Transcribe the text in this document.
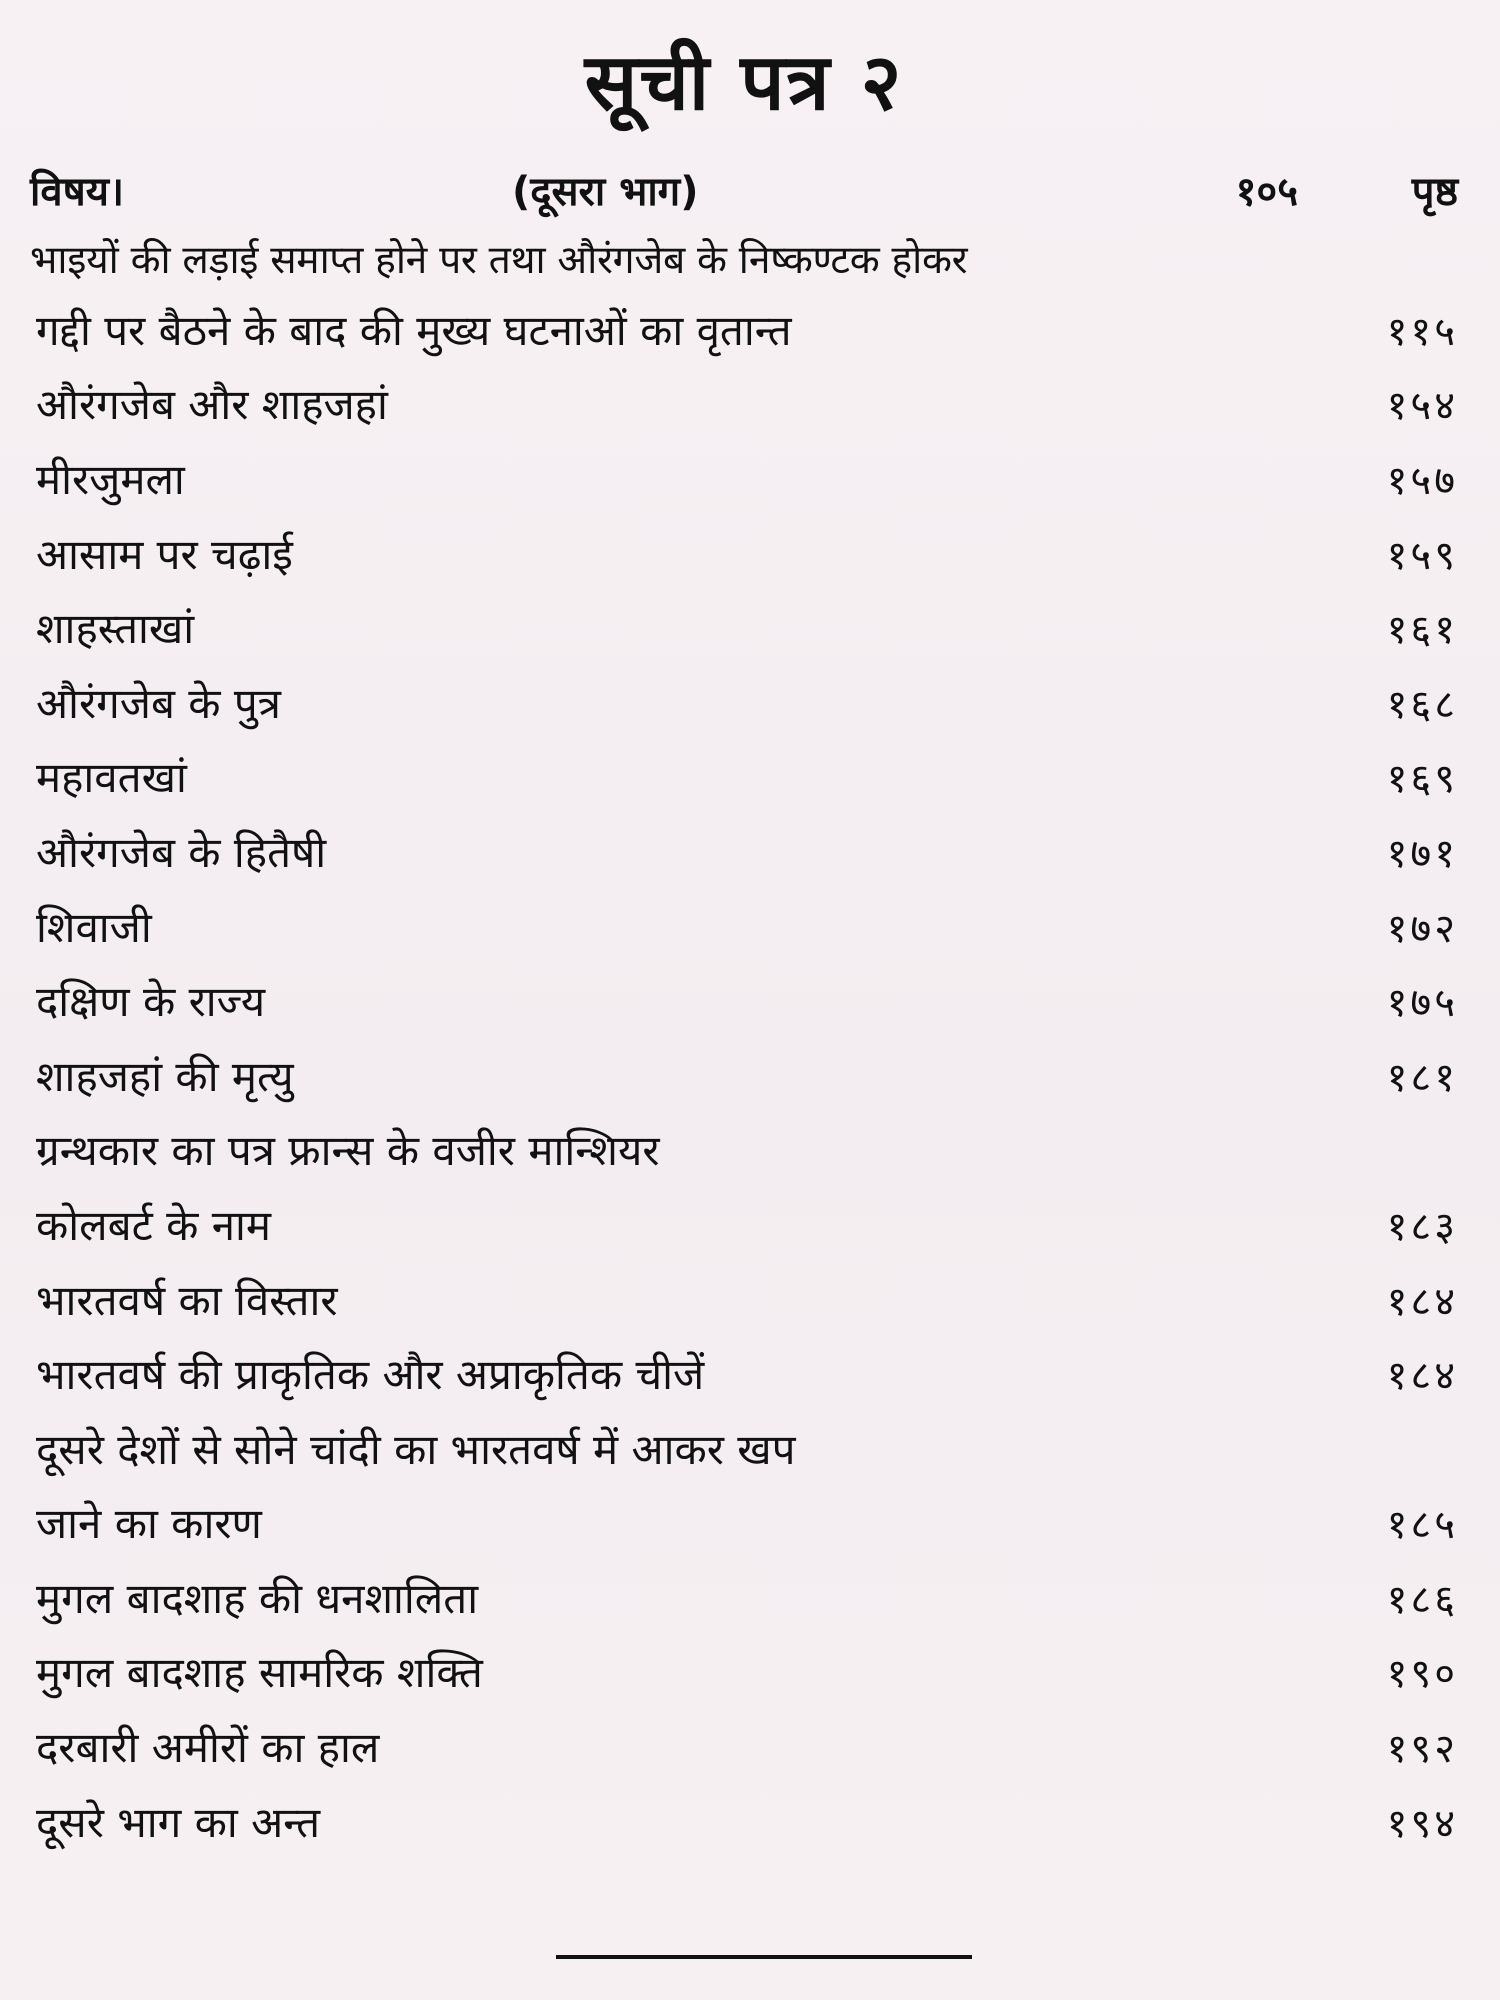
सूची पत्र २
विषय।	(दूसरा भाग)	१०५	पृष्ठ

भाइयों की लड़ाई समाप्त होने पर तथा औरंगजेब के निष्कण्टक होकर

गद्दी पर बैठने के बाद की मुख्य घटनाओं का वृतान्त	११५
औरंगजेब और शाहजहां	१५४
मीरजुमला	१५७
आसाम पर चढ़ाई	१५९
शाहस्ताखां	१६१
औरंगजेब के पुत्र	१६८
महावतखां	१६९
औरंगजेब के हितैषी	१७१
शिवाजी	१७२
दक्षिण के राज्य	१७५
शाहजहां की मृत्यु	१८१
ग्रन्थकार का पत्र फ्रान्स के वजीर मान्शियर
कोलबर्ट के नाम	१८३
भारतवर्ष का विस्तार	१८४
भारतवर्ष की प्राकृतिक और अप्राकृतिक चीजें	१८४
दूसरे देशों से सोने चांदी का भारतवर्ष में आकर खप
जाने का कारण	१८५
मुगल बादशाह की धनशालिता	१८६
मुगल बादशाह सामरिक शक्ति	१९०
दरबारी अमीरों का हाल	१९२
दूसरे भाग का अन्त	१९४
